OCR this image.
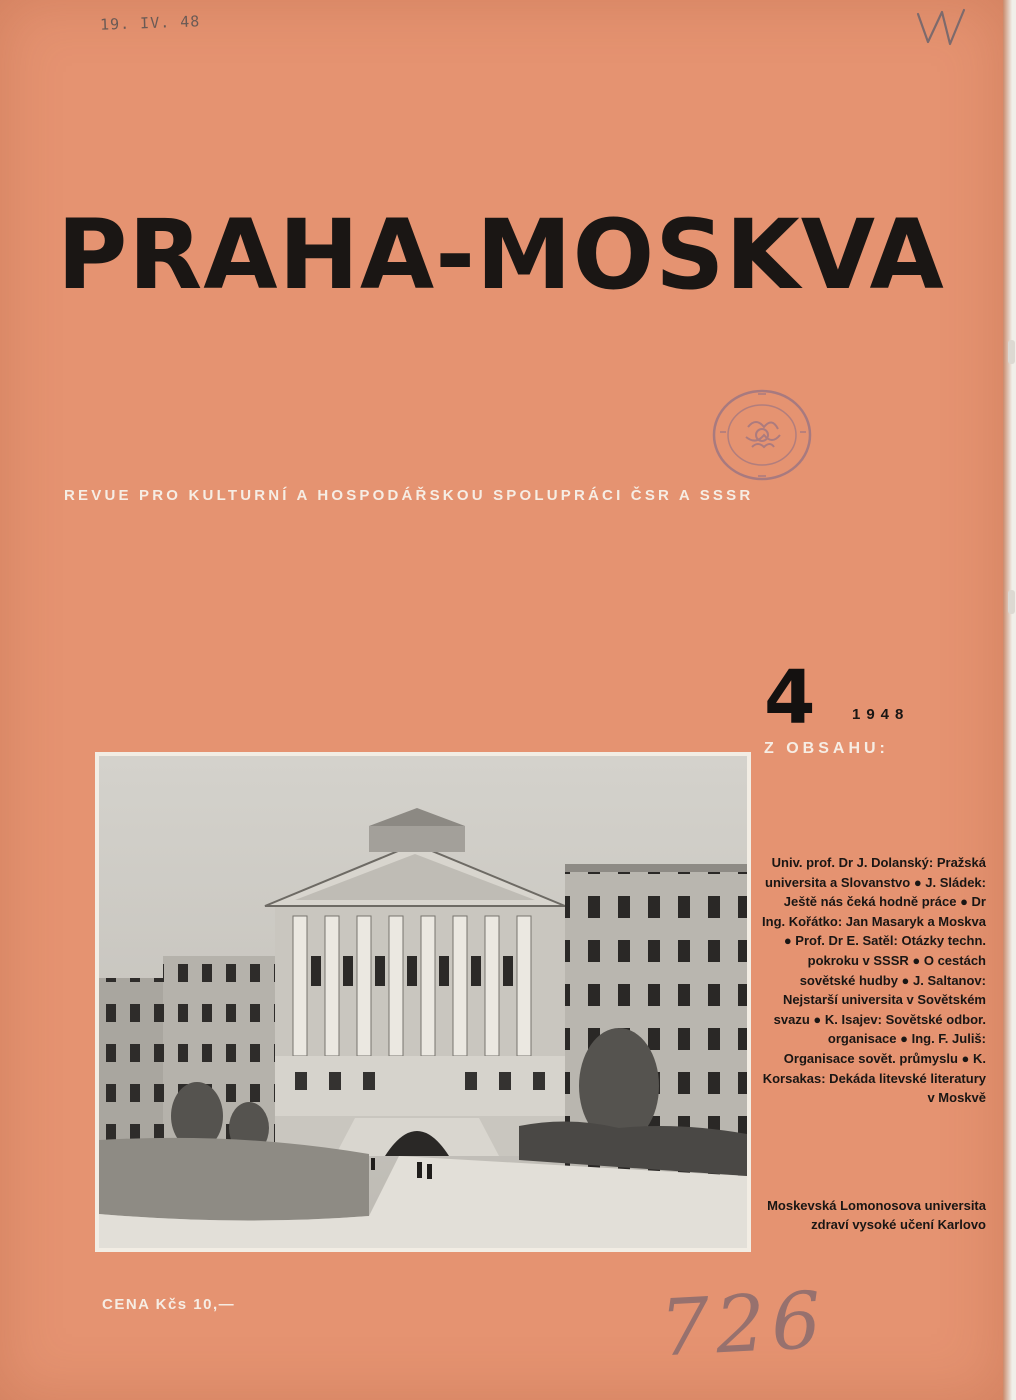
19. IV. 48
PRAHA-MOSKVA
REVUE PRO KULTURNÍ A HOSPODÁŘSKOU SPOLUPRÁCI ČSR A SSSR
4 1948
Z OBSAHU:
Univ. prof. Dr J. Dolanský: Pražská universita a Slovanstvo ● J. Sládek: Ještě nás čeká hodně práce ● Dr Ing. Kořátko: Jan Masaryk a Moskva ● Prof. Dr E. Satěl: Otázky techn. pokroku v SSSR ● O cestách sovětské hudby ● J. Saltanov: Nejstarší universita v Sovětském svazu ● K. Isajev: Sovětské odbor. organisace ● Ing. F. Juliš: Organisace sovět. průmyslu ● K. Korsakas: Dekáda litevské literatury v Moskvě
Moskevská Lomonosova universita zdraví vysoké učení Karlovo
CENA Kčs 10,—	726
